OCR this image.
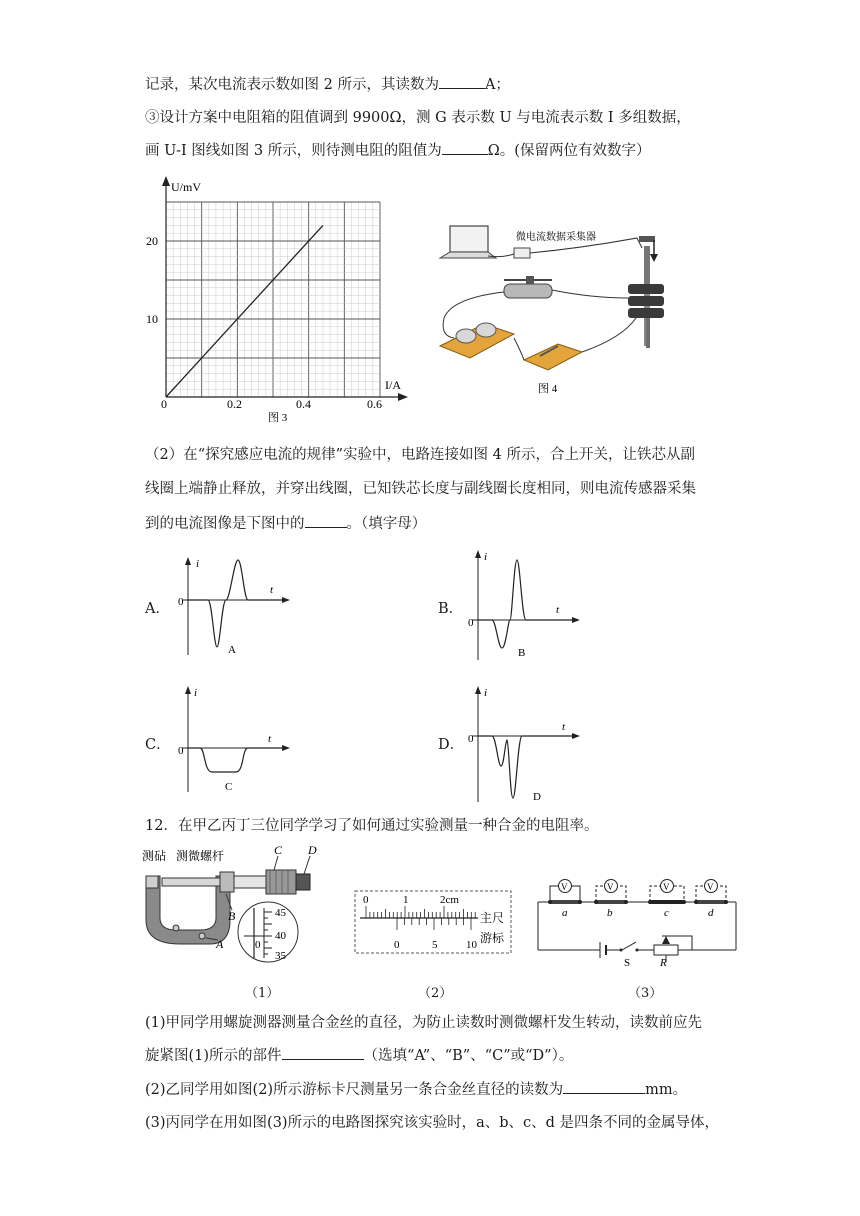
记录，某次电流表示数如图 2 所示，其读数为	A；
③设计方案中电阻箱的阻值调到 9900Ω，测 G 表示数 U 与电流表示数 I 多组数据，
画 U-I 图线如图 3 所示，则待测电阻的阻值为	Ω。(保留两位有效数字）
U/mV
I/A
0	0.2	0.4	0.6
10
20
图 3
微电流数据采集器
图 4
（2）在“探究感应电流的规律”实验中，电路连接如图 4 所示，合上开关，让铁芯从副
线圈上端静止释放，并穿出线圈，已知铁芯长度与副线圈长度相同，则电流传感器采集
到的电流图像是下图中的	。（填字母）
A．
i
t
0
A
B．
i
t
0
B
C．
i
t
0
C
D．
i
t
0
D
12．在甲乙丙丁三位同学学习了如何通过实验测量一种合金的电阻率。
测砧 测微螺杆	C D
B
A
45
40
35
0
（1）
0	1	2cm
0	5	10
主尺
游标
（2）
S	R
a	b	c	d
V	V	V	V
（3）
(1)甲同学用螺旋测器测量合金丝的直径，为防止读数时测微螺杆发生转动，读数前应先
旋紧图(1)所示的部件	（选填“A”、“B”、“C”或“D”）。
(2)乙同学用如图(2)所示游标卡尺测量另一条合金丝直径的读数为	mm。
(3)丙同学在用如图(3)所示的电路图探究该实验时，a、b、c、d 是四条不同的金属导体，
